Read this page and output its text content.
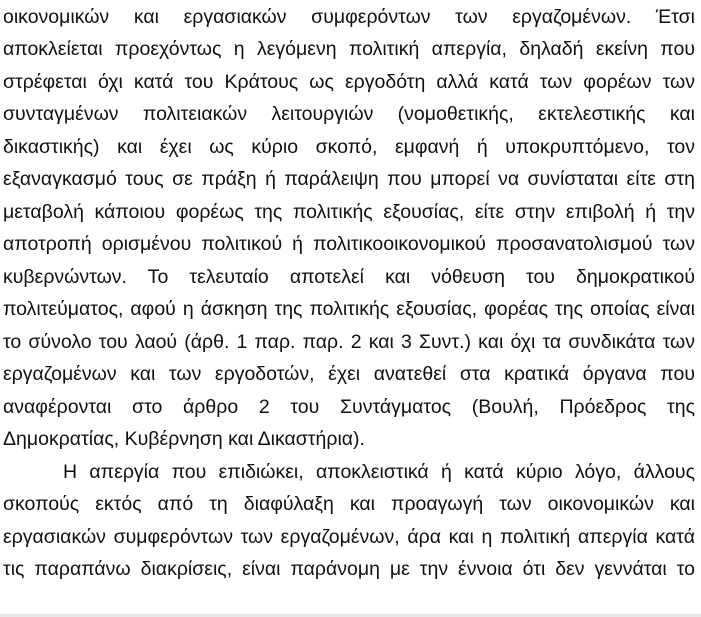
οικονομικών και εργασιακών συμφερόντων των εργαζομένων. Έτσι
αποκλείεται προεχόντως η λεγόμενη πολιτική απεργία, δηλαδή εκείνη που
στρέφεται όχι κατά του Κράτους ως εργοδότη αλλά κατά των φορέων των
συνταγμένων πολιτειακών λειτουργιών (νομοθετικής, εκτελεστικής και
δικαστικής) και έχει ως κύριο σκοπό, εμφανή ή υποκρυπτόμενο, τον
εξαναγκασμό τους σε πράξη ή παράλειψη που μπορεί να συνίσταται είτε στη
μεταβολή κάποιου φορέως της πολιτικής εξουσίας, είτε στην επιβολή ή την
αποτροπή ορισμένου πολιτικού ή πολιτικοοικονομικού προσανατολισμού των
κυβερνώντων. Το τελευταίο αποτελεί και νόθευση του δημοκρατικού
πολιτεύματος, αφού η άσκηση της πολιτικής εξουσίας, φορέας της οποίας είναι
το σύνολο του λαού (άρθ. 1 παρ. παρ. 2 και 3 Συντ.) και όχι τα συνδικάτα των
εργαζομένων και των εργοδοτών, έχει ανατεθεί στα κρατικά όργανα που
αναφέρονται στο άρθρο 2 του Συντάγματος (Βουλή, Πρόεδρος της
Δημοκρατίας, Κυβέρνηση και Δικαστήρια).
Η απεργία που επιδιώκει, αποκλειστικά ή κατά κύριο λόγο, άλλους
σκοπούς εκτός από τη διαφύλαξη και προαγωγή των οικονομικών και
εργασιακών συμφερόντων των εργαζομένων, άρα και η πολιτική απεργία κατά
τις παραπάνω διακρίσεις, είναι παράνομη με την έννοια ότι δεν γεννάται το
